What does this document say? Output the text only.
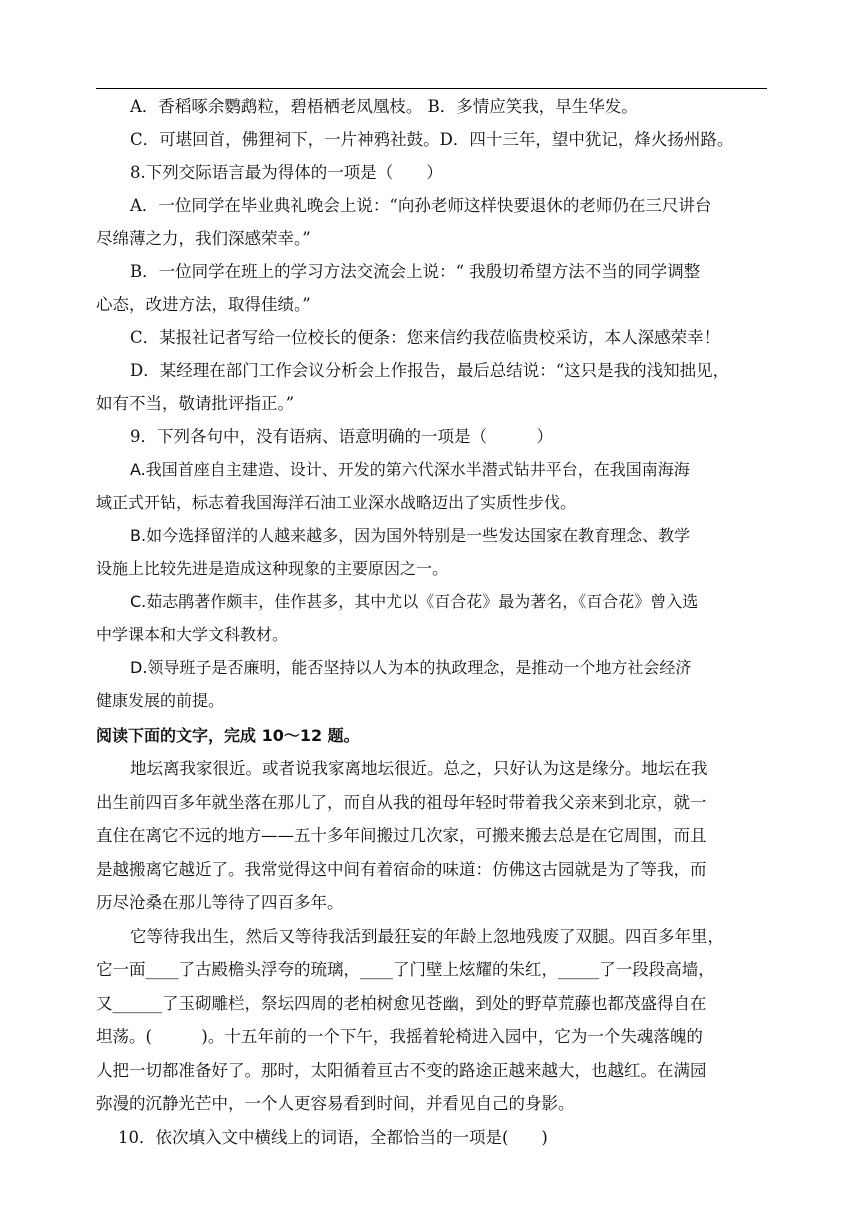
A．香稻啄余鹦鹉粒，碧梧栖老凤凰枝。 B．多情应笑我，早生华发。

C．可堪回首，佛狸祠下，一片神鸦社鼓。D．四十三年，望中犹记，烽火扬州路。

8.下列交际语言最为得体的一项是（　　）

A．一位同学在毕业典礼晚会上说：“向孙老师这样快要退休的老师仍在三尺讲台

尽绵薄之力，我们深感荣幸。”

B．一位同学在班上的学习方法交流会上说：“ 我殷切希望方法不当的同学调整

心态，改进方法，取得佳绩。”

C．某报社记者写给一位校长的便条：您来信约我莅临贵校采访，本人深感荣幸！

D．某经理在部门工作会议分析会上作报告，最后总结说：“这只是我的浅知拙见，

如有不当，敬请批评指正。”

9．下列各句中，没有语病、语意明确的一项是（　　　）

A.我国首座自主建造、设计、开发的第六代深水半潜式钻井平台，在我国南海海

域正式开钻，标志着我国海洋石油工业深水战略迈出了实质性步伐。

B.如今选择留洋的人越来越多，因为国外特别是一些发达国家在教育理念、教学

设施上比较先进是造成这种现象的主要原因之一。

C.茹志鹃著作颇丰，佳作甚多，其中尤以《百合花》最为著名，《百合花》曾入选

中学课本和大学文科教材。

D.领导班子是否廉明，能否坚持以人为本的执政理念，是推动一个地方社会经济

健康发展的前提。

阅读下面的文字，完成 10～12 题。

地坛离我家很近。或者说我家离地坛很近。总之，只好认为这是缘分。地坛在我

出生前四百多年就坐落在那儿了，而自从我的祖母年轻时带着我父亲来到北京，就一

直住在离它不远的地方——五十多年间搬过几次家，可搬来搬去总是在它周围，而且

是越搬离它越近了。我常觉得这中间有着宿命的味道：仿佛这古园就是为了等我，而

历尽沧桑在那儿等待了四百多年。

它等待我出生，然后又等待我活到最狂妄的年龄上忽地残废了双腿。四百多年里，

它一面____了古殿檐头浮夸的琉璃，____了门壁上炫耀的朱红，_____了一段段高墙，

又______了玉砌雕栏，祭坛四周的老柏树愈见苍幽，到处的野草荒藤也都茂盛得自在

坦荡。(　　　)。十五年前的一个下午，我摇着轮椅进入园中，它为一个失魂落魄的

人把一切都准备好了。那时，太阳循着亘古不变的路途正越来越大，也越红。在满园

弥漫的沉静光芒中，一个人更容易看到时间，并看见自己的身影。

10．依次填入文中横线上的词语，全都恰当的一项是(　　)
